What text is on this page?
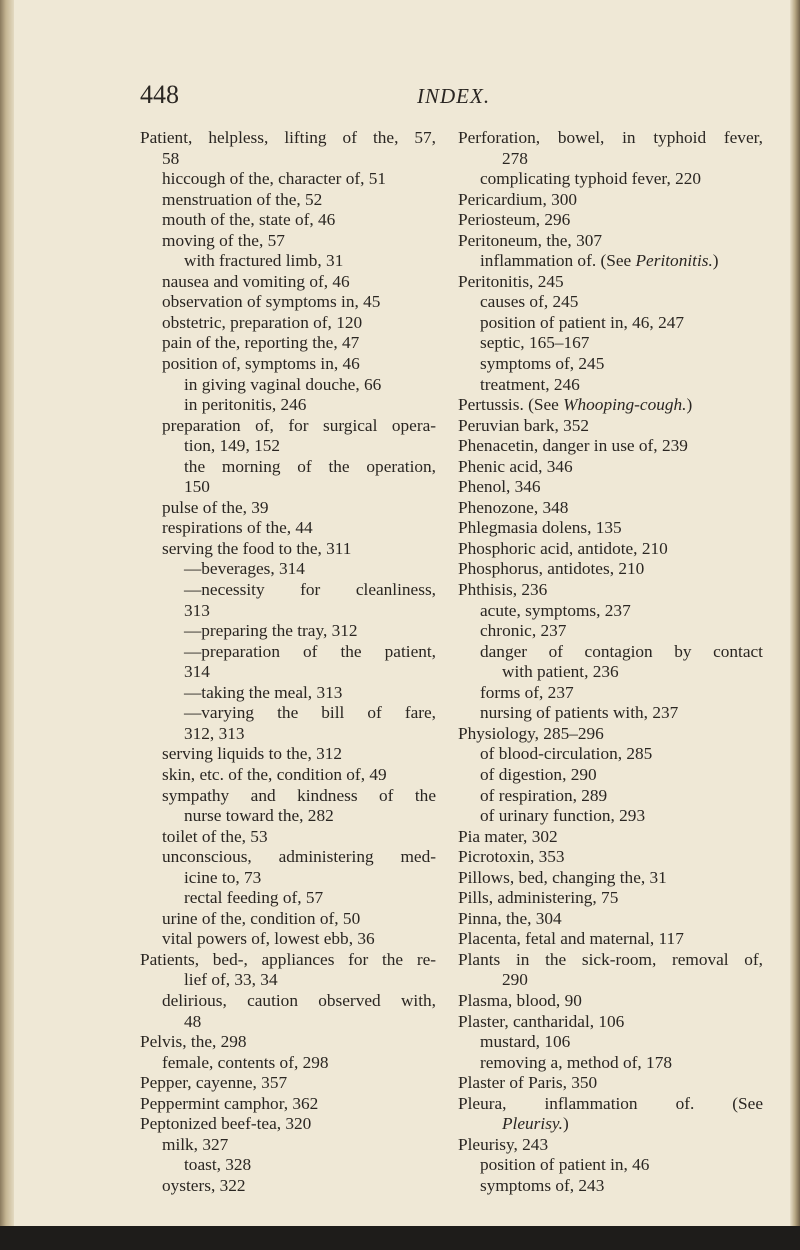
448	INDEX.
Patient, helpless, lifting of the, 57,
58
hiccough of the, character of, 51
menstruation of the, 52
mouth of the, state of, 46
moving of the, 57
with fractured limb, 31
nausea and vomiting of, 46
observation of symptoms in, 45
obstetric, preparation of, 120
pain of the, reporting the, 47
position of, symptoms in, 46
in giving vaginal douche, 66
in peritonitis, 246
preparation of, for surgical opera-
tion, 149, 152
the morning of the operation,
150
pulse of the, 39
respirations of the, 44
serving the food to the, 311
—beverages, 314
—necessity for cleanliness,
313
—preparing the tray, 312
—preparation of the patient,
314
—taking the meal, 313
—varying the bill of fare,
312, 313
serving liquids to the, 312
skin, etc. of the, condition of, 49
sympathy and kindness of the
nurse toward the, 282
toilet of the, 53
unconscious, administering med-
icine to, 73
rectal feeding of, 57
urine of the, condition of, 50
vital powers of, lowest ebb, 36
Patients, bed-, appliances for the re-
lief of, 33, 34
delirious, caution observed with,
48
Pelvis, the, 298
female, contents of, 298
Pepper, cayenne, 357
Peppermint camphor, 362
Peptonized beef-tea, 320
milk, 327
toast, 328
oysters, 322
Perforation, bowel, in typhoid fever,
278
complicating typhoid fever, 220
Pericardium, 300
Periosteum, 296
Peritoneum, the, 307
inflammation of. (See Peritonitis.)
Peritonitis, 245
causes of, 245
position of patient in, 46, 247
septic, 165–167
symptoms of, 245
treatment, 246
Pertussis. (See Whooping-cough.)
Peruvian bark, 352
Phenacetin, danger in use of, 239
Phenic acid, 346
Phenol, 346
Phenozone, 348
Phlegmasia dolens, 135
Phosphoric acid, antidote, 210
Phosphorus, antidotes, 210
Phthisis, 236
acute, symptoms, 237
chronic, 237
danger of contagion by contact
with patient, 236
forms of, 237
nursing of patients with, 237
Physiology, 285–296
of blood-circulation, 285
of digestion, 290
of respiration, 289
of urinary function, 293
Pia mater, 302
Picrotoxin, 353
Pillows, bed, changing the, 31
Pills, administering, 75
Pinna, the, 304
Placenta, fetal and maternal, 117
Plants in the sick-room, removal of,
290
Plasma, blood, 90
Plaster, cantharidal, 106
mustard, 106
removing a, method of, 178
Plaster of Paris, 350
Pleura, inflammation of. (See
Pleurisy.)
Pleurisy, 243
position of patient in, 46
symptoms of, 243
